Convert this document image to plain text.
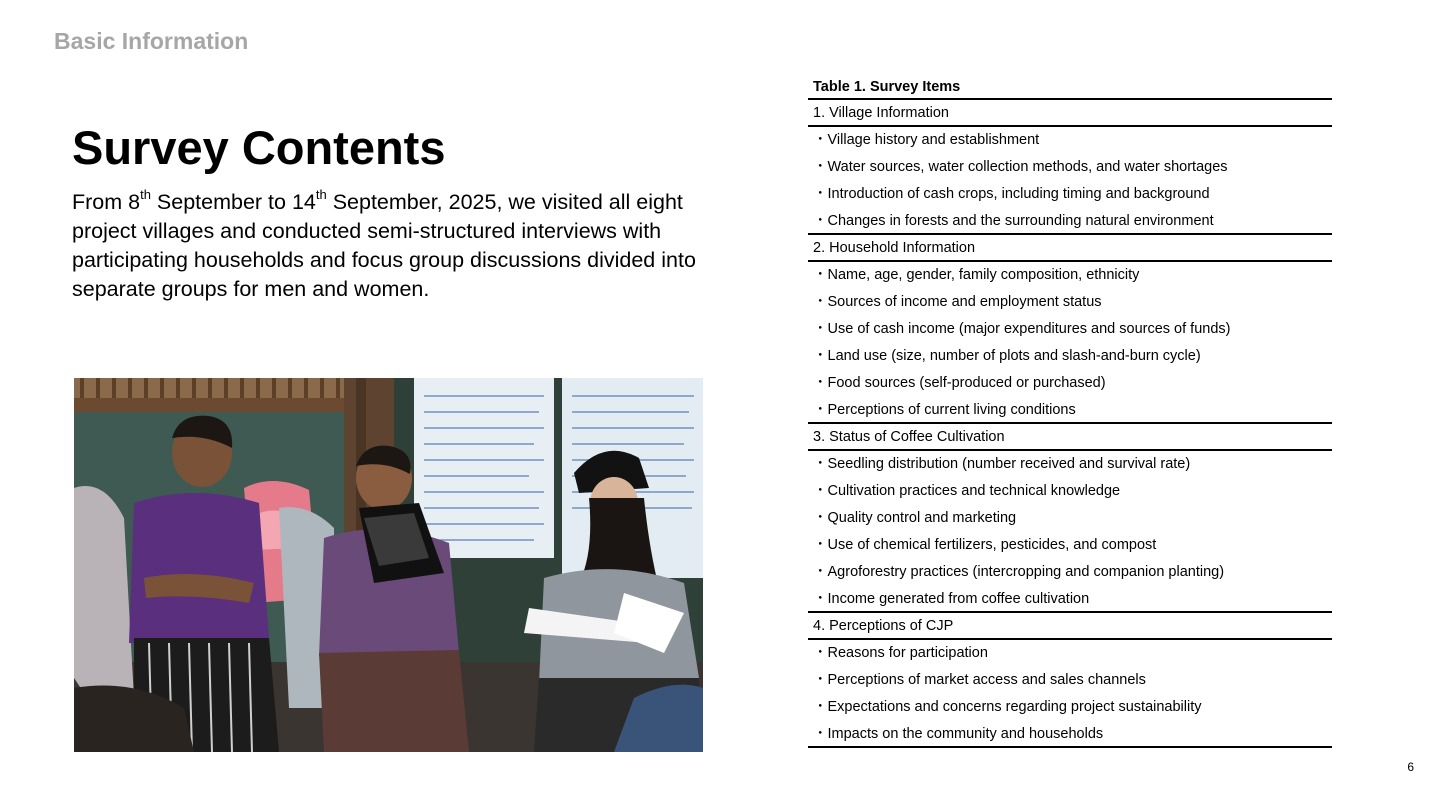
Basic Information
Survey Contents

From 8th September to 14th September, 2025, we visited all eight project villages and conducted semi-structured interviews with participating households and focus group discussions divided into separate groups for men and women.

Table 1. Survey Items
1. Village Information
・Village history and establishment
・Water sources, water collection methods, and water shortages
・Introduction of cash crops, including timing and background
・Changes in forests and the surrounding natural environment
2. Household Information
・Name, age, gender, family composition, ethnicity
・Sources of income and employment status
・Use of cash income (major expenditures and sources of funds)
・Land use (size, number of plots and slash-and-burn cycle)
・Food sources (self-produced or purchased)
・Perceptions of current living conditions
3. Status of Coffee Cultivation
・Seedling distribution (number received and survival rate)
・Cultivation practices and technical knowledge
・Quality control and marketing
・Use of chemical fertilizers, pesticides, and compost
・Agroforestry practices (intercropping and companion planting)
・Income generated from coffee cultivation
4. Perceptions of CJP
・Reasons for participation
・Perceptions of market access and sales channels
・Expectations and concerns regarding project sustainability
・Impacts on the community and households
6
